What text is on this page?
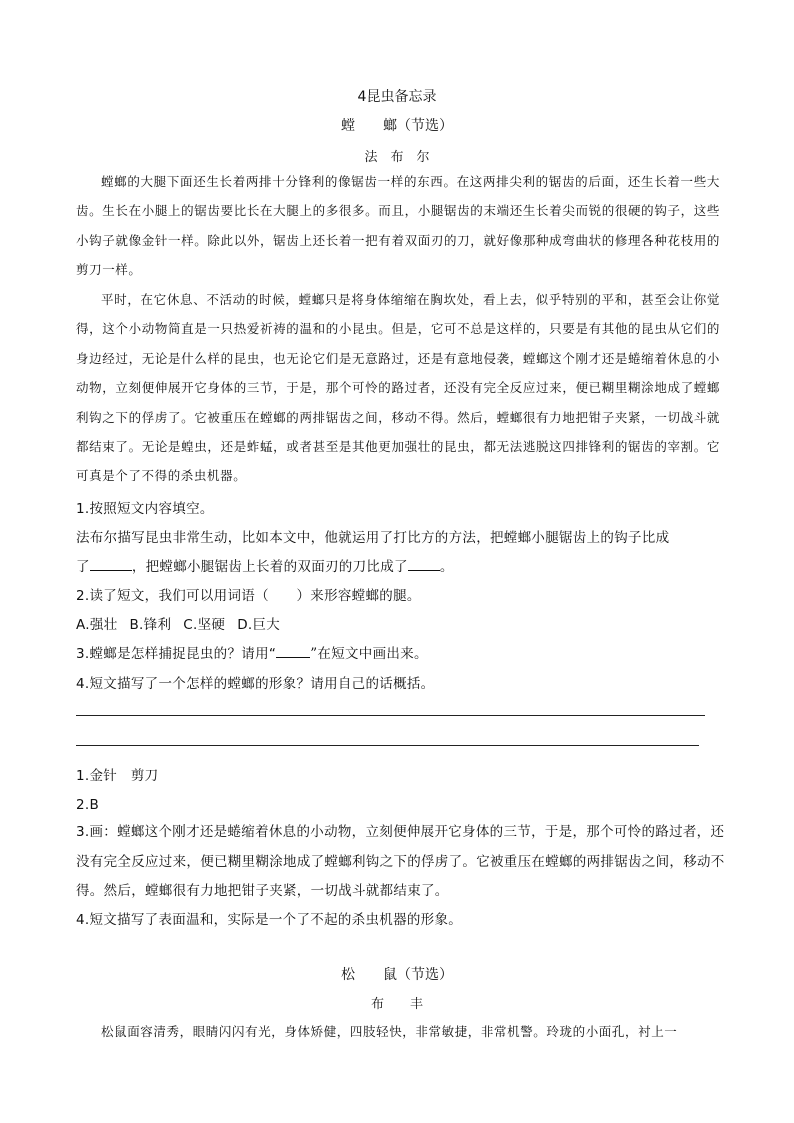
4昆虫备忘录
螳　　螂（节选）
法　布　尔
螳螂的大腿下面还生长着两排十分锋利的像锯齿一样的东西。在这两排尖利的锯齿的后面，还生长着一些大齿。生长在小腿上的锯齿要比长在大腿上的多很多。而且，小腿锯齿的末端还生长着尖而锐的很硬的钩子，这些小钩子就像金针一样。除此以外，锯齿上还长着一把有着双面刃的刀，就好像那种成弯曲状的修理各种花枝用的剪刀一样。
平时，在它休息、不活动的时候，螳螂只是将身体缩缩在胸坎处，看上去，似乎特别的平和，甚至会让你觉得，这个小动物简直是一只热爱祈祷的温和的小昆虫。但是，它可不总是这样的，只要是有其他的昆虫从它们的身边经过，无论是什么样的昆虫，也无论它们是无意路过，还是有意地侵袭，螳螂这个刚才还是蜷缩着休息的小动物，立刻便伸展开它身体的三节，于是，那个可怜的路过者，还没有完全反应过来，便已糊里糊涂地成了螳螂利钩之下的俘虏了。它被重压在螳螂的两排锯齿之间，移动不得。然后，螳螂很有力地把钳子夹紧，一切战斗就都结束了。无论是蝗虫，还是蚱蜢，或者甚至是其他更加强壮的昆虫，都无法逃脱这四排锋利的锯齿的宰割。它可真是个了不得的杀虫机器。
1.按照短文内容填空。
法布尔描写昆虫非常生动，比如本文中，他就运用了打比方的方法，把螳螂小腿锯齿上的钩子比成
了	，把螳螂小腿锯齿上长着的双面刃的刀比成了 。
2.读了短文，我们可以用词语（　　）来形容螳螂的腿。
A.强壮 B.锋利 C.坚硬 D.巨大
3.螳螂是怎样捕捉昆虫的？请用“	”在短文中画出来。
4.短文描写了一个怎样的螳螂的形象？请用自己的话概括。
1.金针　剪刀
2.B
3.画：螳螂这个刚才还是蜷缩着休息的小动物，立刻便伸展开它身体的三节，于是，那个可怜的路过者，还没有完全反应过来，便已糊里糊涂地成了螳螂利钩之下的俘虏了。它被重压在螳螂的两排锯齿之间，移动不得。然后，螳螂很有力地把钳子夹紧，一切战斗就都结束了。
4.短文描写了表面温和，实际是一个了不起的杀虫机器的形象。
松　　鼠（节选）
布　　丰
松鼠面容清秀，眼睛闪闪有光，身体矫健，四肢轻快，非常敏捷，非常机警。玲珑的小面孔，衬上一
